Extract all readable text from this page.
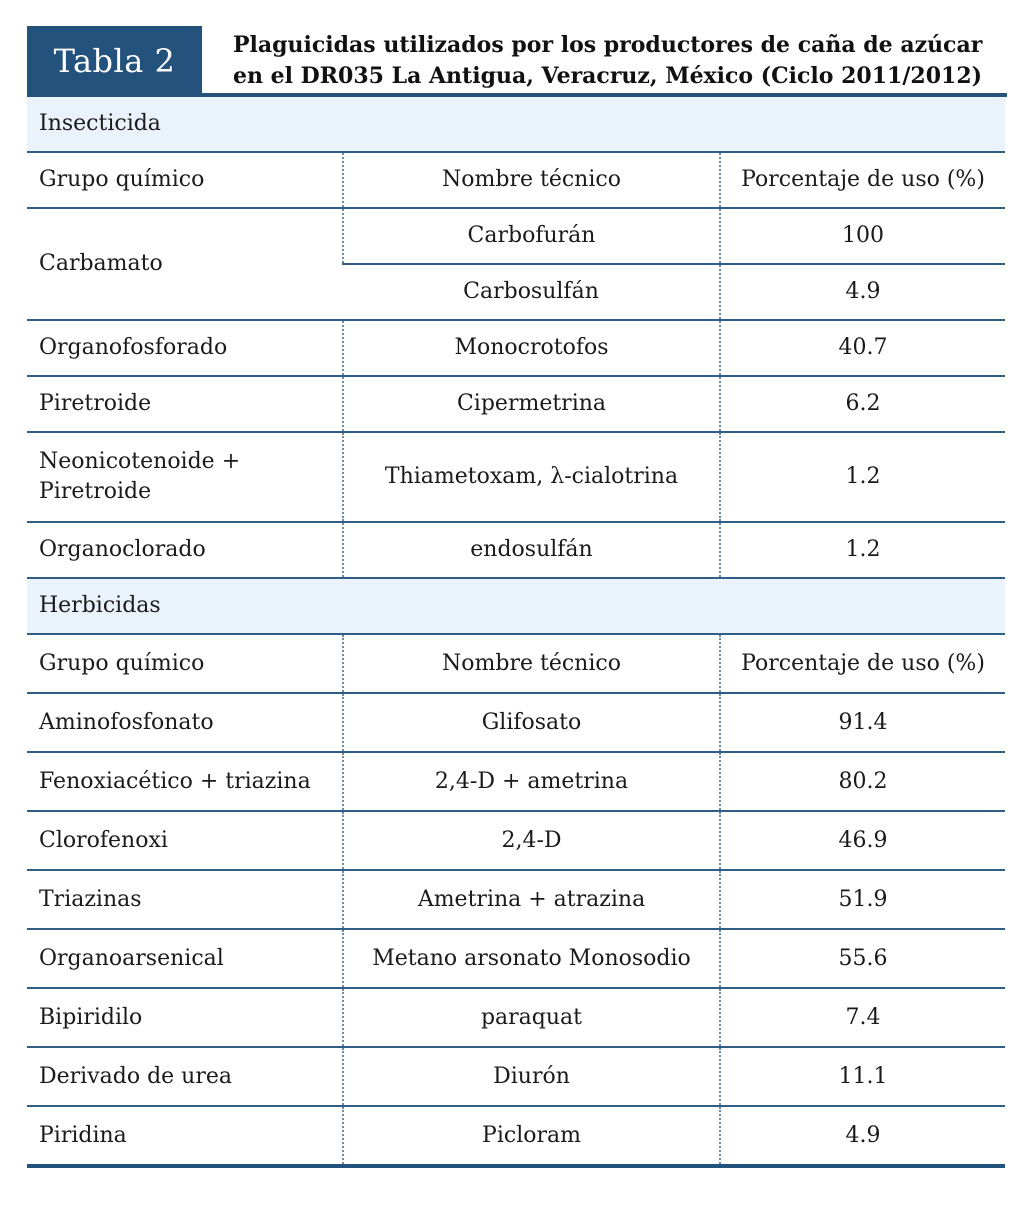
Tabla 2	Plaguicidas utilizados por los productores de caña de azúcar
en el DR035 La Antigua, Veracruz, México (Ciclo 2011/2012)
Insecticida		
Grupo químico	Nombre técnico	Porcentaje de uso (%)
Carbamato	Carbofurán	100
	Carbosulfán	4.9
Organofosforado	Monocrotofos	40.7
Piretroide	Cipermetrina	6.2

Neonicotenoide +
Piretroide	Thiametoxam, λ-cialotrina	1.2
Organoclorado	endosulfán	1.2
Herbicidas		
Grupo químico	Nombre técnico	Porcentaje de uso (%)
Aminofosfonato	Glifosato	91.4
Fenoxiacético + triazina	2,4-D + ametrina	80.2
Clorofenoxi	2,4-D	46.9
Triazinas	Ametrina + atrazina	51.9
Organoarsenical	Metano arsonato Monosodio	55.6
Bipiridilo	paraquat	7.4
Derivado de urea	Diurón	11.1
Piridina	Picloram	4.9
